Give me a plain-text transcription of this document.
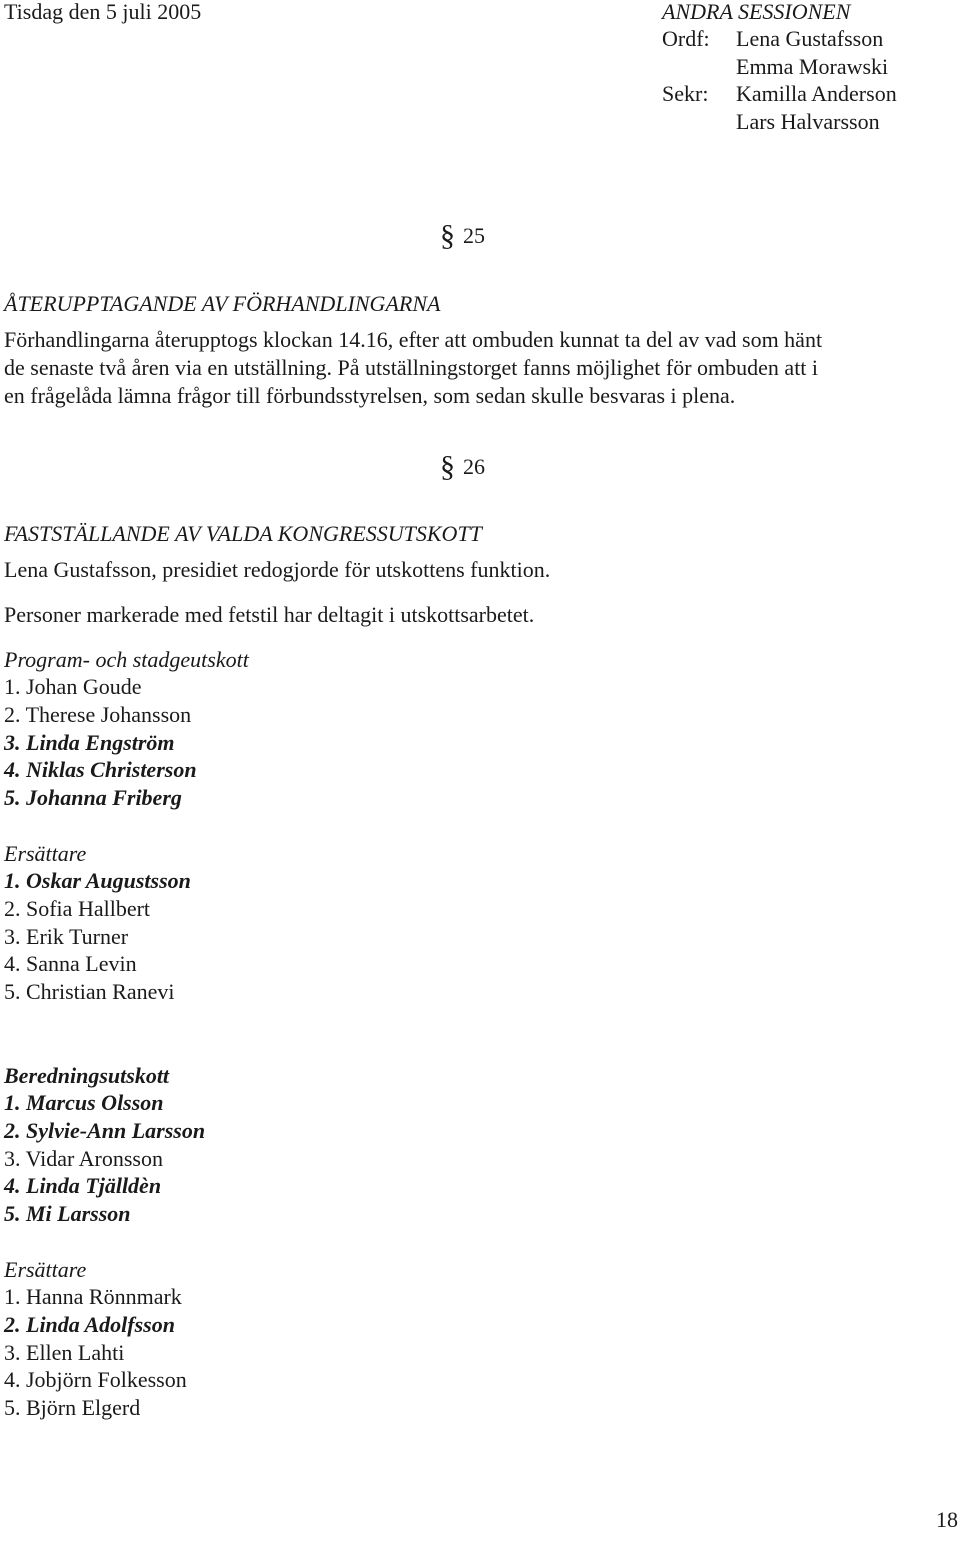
Tisdag den 5 juli 2005	ANDRA SESSIONEN
Ordf: Lena Gustafsson
Emma Morawski
Sekr: Kamilla Anderson
Lars Halvarsson
§ 25
ÅTERUPPTAGANDE AV FÖRHANDLINGARNA
Förhandlingarna återupptogs klockan 14.16, efter att ombuden kunnat ta del av vad som hänt
de senaste två åren via en utställning. På utställningstorget fanns möjlighet för ombuden att i
en frågelåda lämna frågor till förbundsstyrelsen, som sedan skulle besvaras i plena.
§ 26
FASTSTÄLLANDE AV VALDA KONGRESSUTSKOTT
Lena Gustafsson, presidiet redogjorde för utskottens funktion.
Personer markerade med fetstil har deltagit i utskottsarbetet.
Program- och stadgeutskott
1. Johan Goude
2. Therese Johansson
3. Linda Engström
4. Niklas Christerson
5. Johanna Friberg
Ersättare
1. Oskar Augustsson
2. Sofia Hallbert
3. Erik Turner
4. Sanna Levin
5. Christian Ranevi
Beredningsutskott
1. Marcus Olsson
2. Sylvie-Ann Larsson
3. Vidar Aronsson
4. Linda Tjälldèn
5. Mi Larsson
Ersättare
1. Hanna Rönnmark
2. Linda Adolfsson
3. Ellen Lahti
4. Jobjörn Folkesson
5. Björn Elgerd
18
